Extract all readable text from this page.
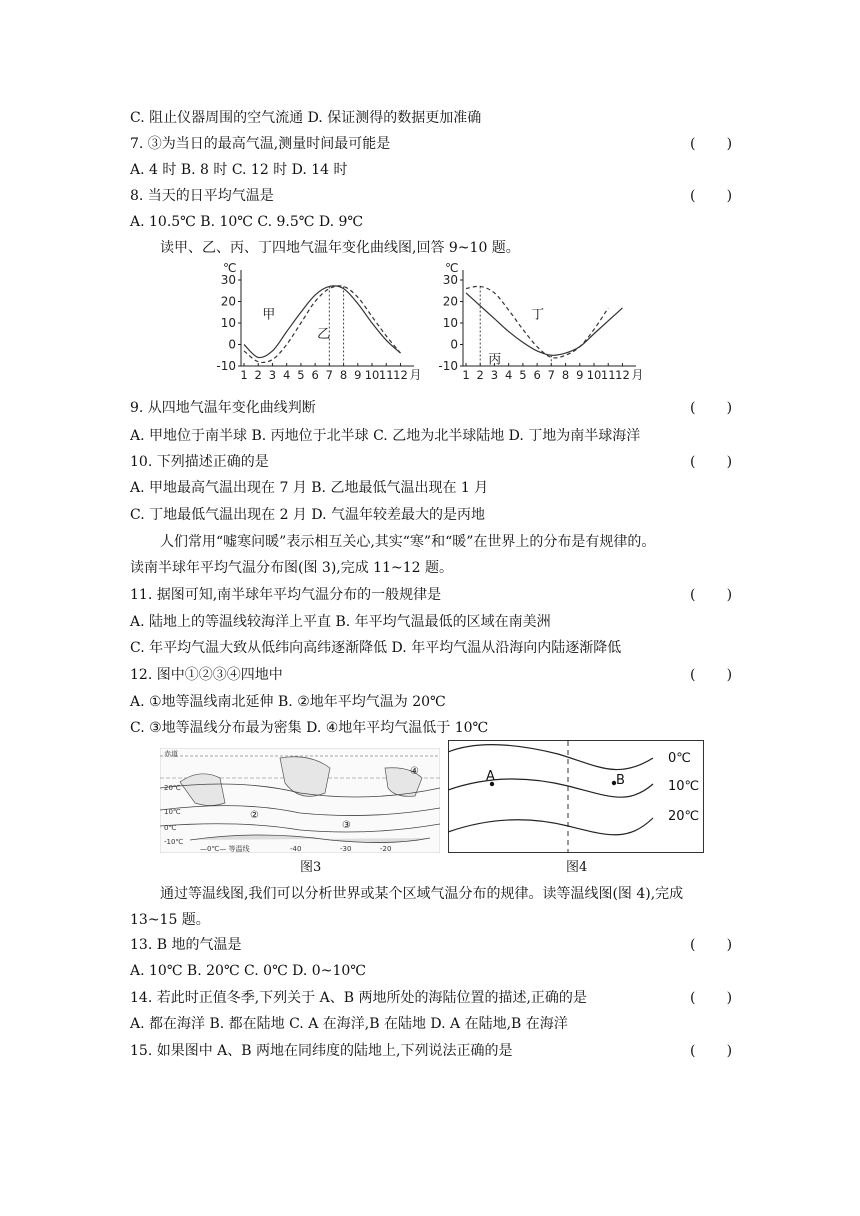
C. 阻止仪器周围的空气流通 D. 保证测得的数据更加准确
7. ③为当日的最高气温,测量时间最可能是	(       )
A. 4 时 B. 8 时 C. 12 时 D. 14 时
8. 当天的日平均气温是	(       )
A. 10.5℃ B. 10℃ C. 9.5℃ D. 9℃
读甲、乙、丙、丁四地气温年变化曲线图,回答 9~10 题。
℃
30
20
10
0
-10
1 2 3 4 5 6 7 8 9 10 11 12 月
甲
乙
℃
30
20
10
0
-10
1 2 3 4 5 6 7 8 9 10 11 12 月
丙
丁
9. 从四地气温年变化曲线判断	(       )
A. 甲地位于南半球 B. 丙地位于北半球 C. 乙地为北半球陆地 D. 丁地为南半球海洋
10. 下列描述正确的是	(       )
A. 甲地最高气温出现在 7 月 B. 乙地最低气温出现在 1 月
C. 丁地最低气温出现在 2 月 D. 气温年较差最大的是丙地
人们常用“嘘寒问暖”表示相互关心,其实“寒”和“暖”在世界上的分布是有规律的。
读南半球年平均气温分布图(图 3),完成 11~12 题。
11. 据图可知,南半球年平均气温分布的一般规律是	(       )
A. 陆地上的等温线较海洋上平直 B. 年平均气温最低的区域在南美洲
C. 年平均气温大致从低纬向高纬逐渐降低 D. 年平均气温从沿海向内陆逐渐降低
12. 图中①②③④四地中	(       )
A. ①地等温线南北延伸 B. ②地年平均气温为 20℃
C. ③地等温线分布最为密集 D. ④地年平均气温低于 10℃
赤道
20℃
10℃
0℃
-10℃
②
③
④
—0℃— 等温线	-40	-30	-20
图3
A	B
0℃
10℃
20℃
图4
通过等温线图,我们可以分析世界或某个区域气温分布的规律。读等温线图(图 4),完成
13~15 题。
13. B 地的气温是	(       )
A. 10℃ B. 20℃ C. 0℃ D. 0~10℃
14. 若此时正值冬季,下列关于 A、B 两地所处的海陆位置的描述,正确的是	(       )
A. 都在海洋 B. 都在陆地 C. A 在海洋,B 在陆地 D. A 在陆地,B 在海洋
15. 如果图中 A、B 两地在同纬度的陆地上,下列说法正确的是	(       )
